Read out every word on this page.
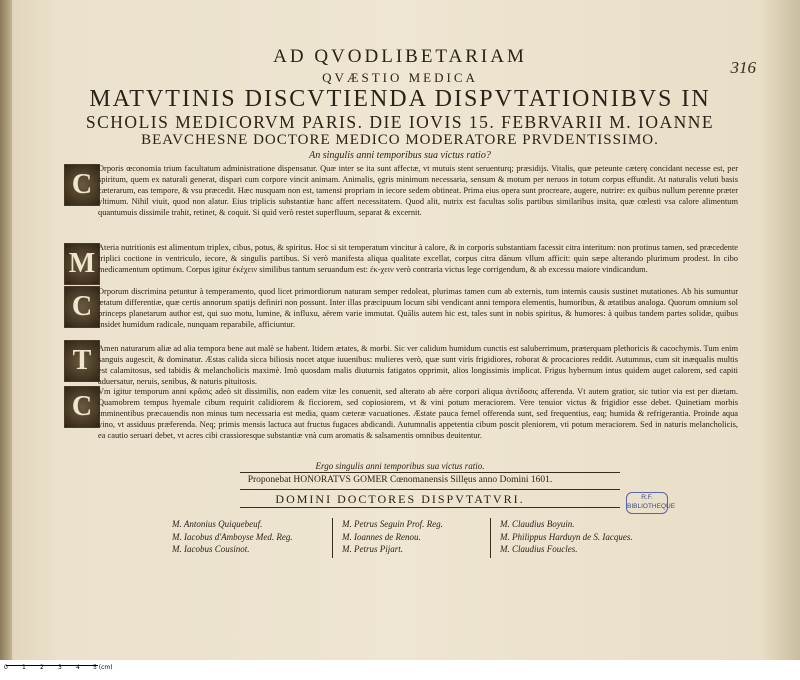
316
AD QVODLIBETARIAM
QVÆSTIO MEDICA
MATVTINIS DISCVTIENDA DISPVTATIONIBVS IN
SCHOLIS MEDICORVM PARIS. DIE IOVIS 15. FEBRVARII M. IOANNE
BEAVCHESNE DOCTORE MEDICO MODERATORE PRVDENTISSIMO.
An singulis anni temporibus sua victus ratio?
C
Orporis œconomia trium facultatum administratione dispensatur. Quæ inter se ita sunt affectæ, vt mutuis stent seruenturq; præsidijs. Vitalis, quæ peteunte cæterę concidant necesse est, per spiritum, quem ex naturali generat, dispari cum corpore vincit animam. Animalis, ęgris minimum necessaria, sensum & motum per neruos in totum corpus effundit. At naturalis veluti basis cæterarum, eas tempore, & vsu præcedit. Hæc nusquam non est, tamensi propriam in iecore sedem obtineat. Prima eius opera sunt procreare, augere, nutrire: ex quibus nullum perenne præter vltimum. Nihil viuit, quod non alatur. Eius triplicis substantiæ hanc affert necessitatem. Quod alit, nutrix est facultas solis partibus similaribus insita, quæ cœlesti vsa calore alimentum quantumuis dissimile trahit, retinet, & coquit. Si quid verò restet superfluum, separat & excernit.
M
Ateria nutritionis est alimentum triplex, cibus, potus, & spiritus. Hoc si sit temperatum vincitur à calore, & in corporis substantiam facessit citra interitum: non protinus tamen, sed præcedente triplici coctione in ventriculo, iecore, & singulis partibus. Si verò manifesta aliqua qualitate excellat, corpus citra dānum vllum afficit: quin sæpe alterando plurimum prodest. In cibo medicamentum optimum. Corpus igitur ἐκέχειν similibus tantum seruandum est: ἐκ-χειν verò contraria victus lege corrigendum, & ab excessu maiore vindicandum.
C Orporum discrimina petuntur à temperamento, quod licet primordiorum naturam semper redoleat, plurimas tamen cum ab externis, tum internis causis sustinet mutationes. Ab his sumuntur ætatum differentiæ, quæ certis annorum spatijs definiri non possunt. Inter illas præcipuum locum sibi vendicant anni tempora elementis, humoribus, & ætatibus analoga. Quorum omnium sol princeps planetarum author est, qui suo motu, lumine, & influxu, aërem varie immutat. Quālis autem hic est, tales sunt in nobis spiritus, & humores: à quibus tandem partes solidæ, quibus insidet humidum radicale, nunquam reparabile, afficiuntur.
T Amen naturarum aliæ ad alia tempora bene aut malè se habent. Itidem ætates, & morbi. Sic ver calidum humidum cunctis est saluberrimum, præterquam plethoricis & cacochymis. Tum enim sanguis augescit, & dominatur. Æstas calida sicca biliosis nocet atque iuuenibus: mulieres verò, quæ sunt viris frigidiores, roborat & procaciores reddit. Autumnus, cum sit inæqualis multis est calamitosus, sed tabidis & melancholicis maximè. Imò quosdam malis diuturnis fatigatos opprimit, alios longissimis implicat. Frigus hybernum intus quidem auget calorem, sed capiti aduersatur, neruis, senibus, & naturis pituitosis.
C Vm igitur temporum anni κρᾶσις adeò sit dissimilis, non eadem vitæ les conuenit, sed alterato ab aëre corpori aliqua ἀντίδοσις afferenda. Vt autem gratior, sic tutior via est per diætam. Quamobrem tempus hyemale cibum requirit calidiorem & ficciorem, sed copiosiorem, vt & vini potum meraciorem. Vere tenuior victus & frigidior esse debet. Quinetiam morbis imminentibus præcauendis non minus tum necessaria est media, quam cæteræ vacuationes. Æstate pauca femel offerenda sunt, sed frequentius, eaq; humida & refrigerantia. Proinde aqua vino, vt assiduus præferenda. Neq; primis mensis lactuca aut fructus fugaces abdicandi. Autumnalis appetentia cibum poscit pleniorem, vti potum meraciorem. Sed in naturis melancholicis, ea cautio seruari debet, vt acres cibi crassioresque substantiæ vnà cum aromatis & salsamentis omnibus deuitentur.
Ergo singulis anni temporibus sua victus ratio.
Proponebat HONORATVS GOMER Cœnomanensis Sillęus anno Domini 1601.
DOMINI DOCTORES DISPVTATVRI.	R.F.
BIBLIOTHEQUE
M. Antonius Quiquebeuf.
M. Iacobus d'Amboyse Med. Reg.
M. Iacobus Cousinot.
M. Petrus Seguin Prof. Reg.
M. Ioannes de Renou.
M. Petrus Pijart.
M. Claudius Boyuin.
M. Philippus Harduyn de S. Iacques.
M. Claudius Foucles.
0 1 2 3 4 5 (cm)
